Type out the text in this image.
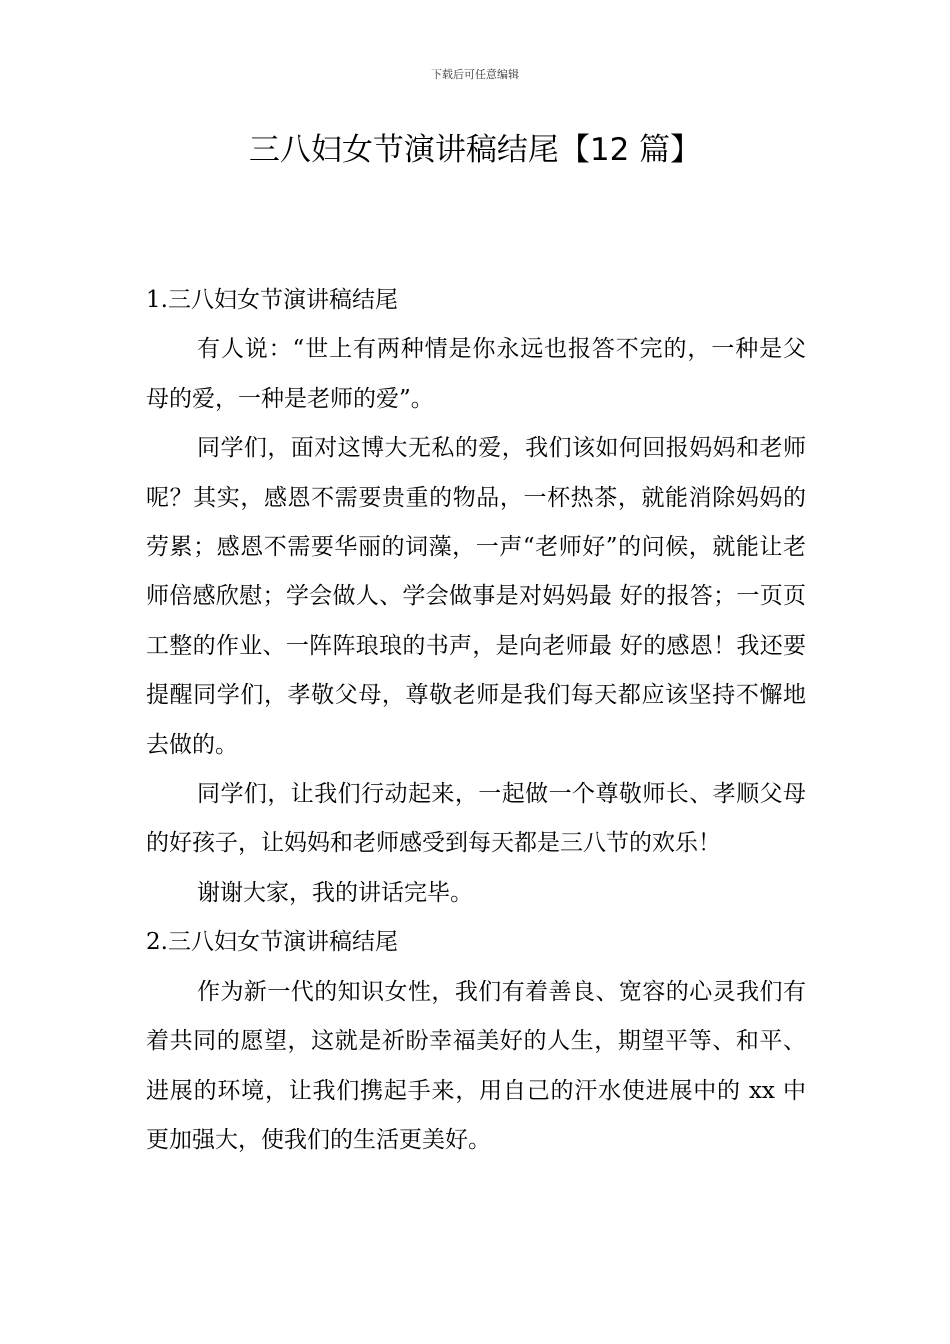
下载后可任意编辑
三八妇女节演讲稿结尾【12 篇】

1.三八妇女节演讲稿结尾

有人说：“世上有两种情是你永远也报答不完的，一种是父母的爱，一种是老师的爱”。

同学们，面对这博大无私的爱，我们该如何回报妈妈和老师呢？其实，感恩不需要贵重的物品，一杯热茶，就能消除妈妈的劳累；感恩不需要华丽的词藻，一声“老师好”的问候，就能让老师倍感欣慰；学会做人、学会做事是对妈妈最 好的报答；一页页工整的作业、一阵阵琅琅的书声，是向老师最 好的感恩！我还要提醒同学们，孝敬父母，尊敬老师是我们每天都应该坚持不懈地去做的。

同学们，让我们行动起来，一起做一个尊敬师长、孝顺父母的好孩子，让妈妈和老师感受到每天都是三八节的欢乐！

谢谢大家，我的讲话完毕。

2.三八妇女节演讲稿结尾

作为新一代的知识女性，我们有着善良、宽容的心灵我们有着共同的愿望，这就是祈盼幸福美好的人生，期望平等、和平、进展的环境，让我们携起手来，用自己的汗水使进展中的 xx 中更加强大，使我们的生活更美好。
